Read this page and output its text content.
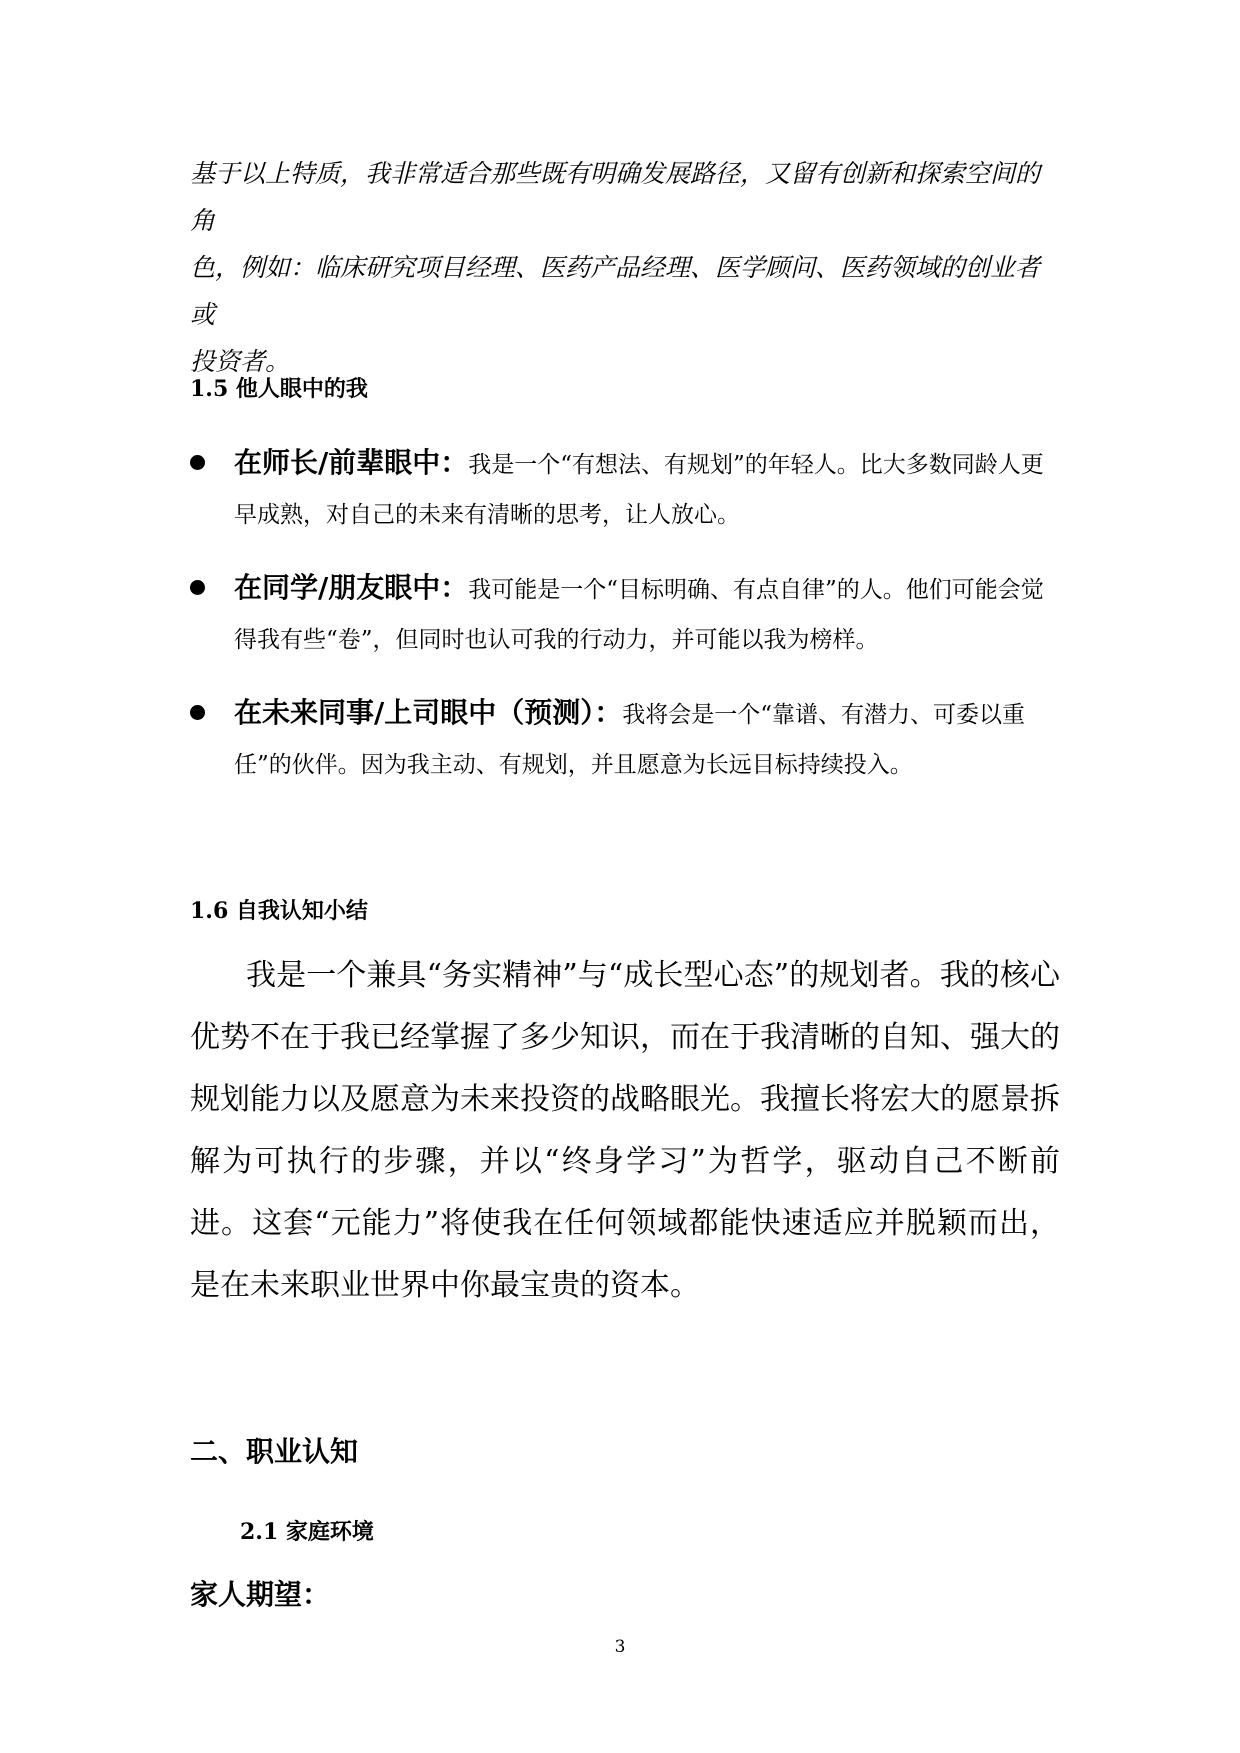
基于以上特质，我非常适合那些既有明确发展路径，又留有创新和探索空间的角

色，例如：临床研究项目经理、医药产品经理、医学顾问、医药领域的创业者或

投资者。

1.5 他人眼中的我
在师长/前辈眼中：我是一个“有想法、有规划”的年轻人。比大多数同龄人更早成熟，对自己的未来有清晰的思考，让人放心。
在同学/朋友眼中：我可能是一个“目标明确、有点自律”的人。他们可能会觉得我有些“卷”，但同时也认可我的行动力，并可能以我为榜样。
在未来同事/上司眼中（预测）：我将会是一个“靠谱、有潜力、可委以重任”的伙伴。因为我主动、有规划，并且愿意为长远目标持续投入。
1.6 自我认知小结

我是一个兼具“务实精神”与“成长型心态”的规划者。我的核心优势不在于我已经掌握了多少知识，而在于我清晰的自知、强大的规划能力以及愿意为未来投资的战略眼光。我擅长将宏大的愿景拆解为可执行的步骤，并以“终身学习”为哲学，驱动自己不断前进。这套“元能力”将使我在任何领域都能快速适应并脱颖而出，是在未来职业世界中你最宝贵的资本。

二、职业认知
2.1 家庭环境

家人期望：

3
